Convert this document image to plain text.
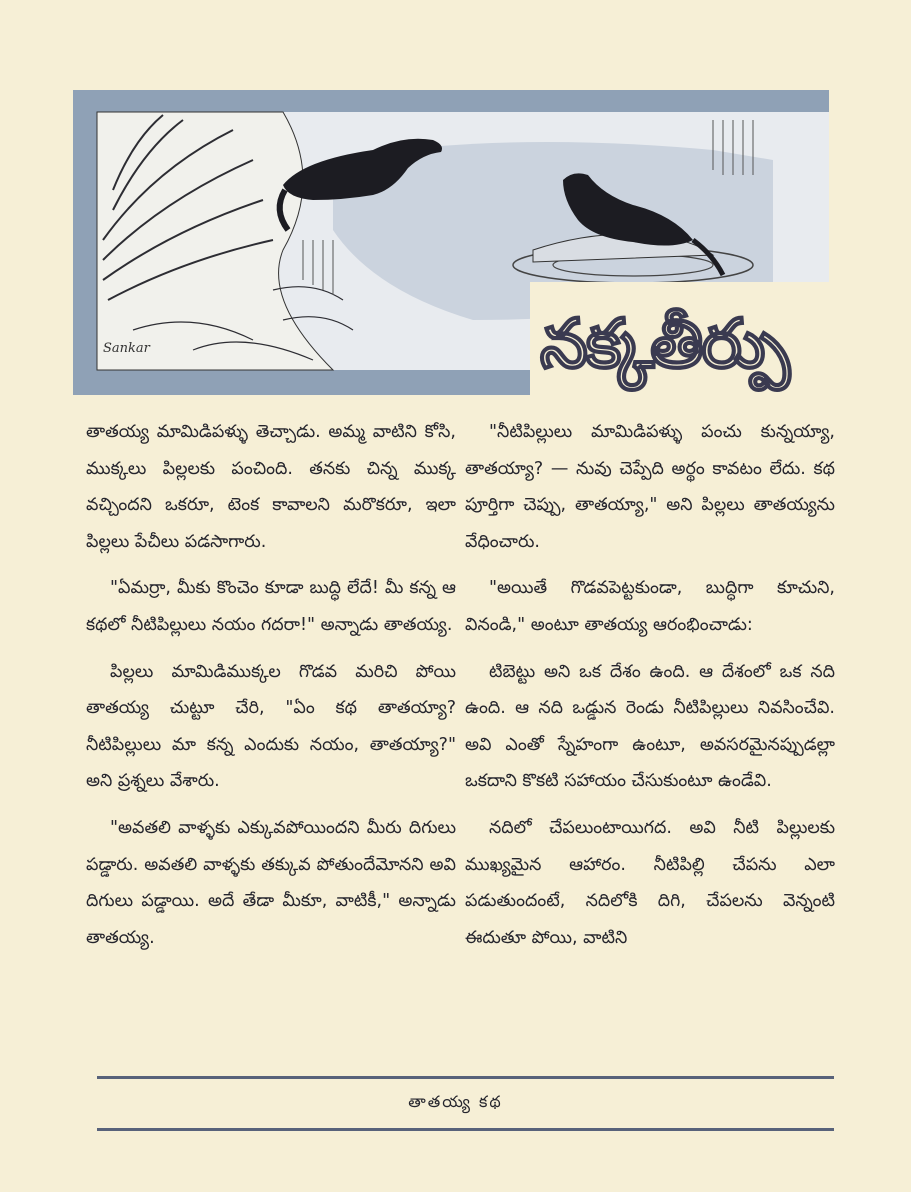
Sankar	నక్కతీర్పు

తాతయ్య మామిడిపళ్ళు తెచ్చాడు. అమ్మ వాటిని కోసి, ముక్కలు పిల్లలకు పంచింది. తనకు చిన్న ముక్క వచ్చిందని ఒకరూ, టెంక కావాలని మరొకరూ, ఇలా పిల్లలు పేచీలు పడసాగారు.

"ఏమర్రా, మీకు కొంచెం కూడా బుద్ధి లేదే! మీ కన్న ఆ కథలో నీటిపిల్లులు నయం గదరా!" అన్నాడు తాతయ్య.

పిల్లలు మామిడిముక్కల గొడవ మరిచి పోయి తాతయ్య చుట్టూ చేరి, "ఏం కథ తాతయ్యా? నీటిపిల్లులు మా కన్న ఎందుకు నయం, తాతయ్యా?" అని ప్రశ్నలు వేశారు.

"అవతలి వాళ్ళకు ఎక్కువపోయిందని మీరు దిగులు పడ్డారు. అవతలి వాళ్ళకు తక్కువ పోతుందేమోనని అవి దిగులు పడ్డాయి. అదే తేడా మీకూ, వాటికీ," అన్నాడు తాతయ్య.

"నీటిపిల్లులు మామిడిపళ్ళు పంచు కున్నయ్యా, తాతయ్యా? — నువు చెప్పేది అర్థం కావటం లేదు. కథ పూర్తిగా చెప్పు, తాతయ్యా," అని పిల్లలు తాతయ్యను వేధించారు.

"అయితే గొడవపెట్టకుండా, బుద్ధిగా కూచుని, వినండి," అంటూ తాతయ్య ఆరంభించాడు:

టిబెట్టు అని ఒక దేశం ఉంది. ఆ దేశంలో ఒక నది ఉంది. ఆ నది ఒడ్డున రెండు నీటిపిల్లులు నివసించేవి. అవి ఎంతో స్నేహంగా ఉంటూ, అవసరమైనప్పుడల్లా ఒకదాని కొకటి సహాయం చేసుకుంటూ ఉండేవి.

నదిలో చేపలుంటాయిగద. అవి నీటి పిల్లులకు ముఖ్యమైన ఆహారం. నీటిపిల్లి చేపను ఎలా పడుతుందంటే, నదిలోకి దిగి, చేపలను వెన్నంటి ఈదుతూ పోయి, వాటిని

తాతయ్య కథ
